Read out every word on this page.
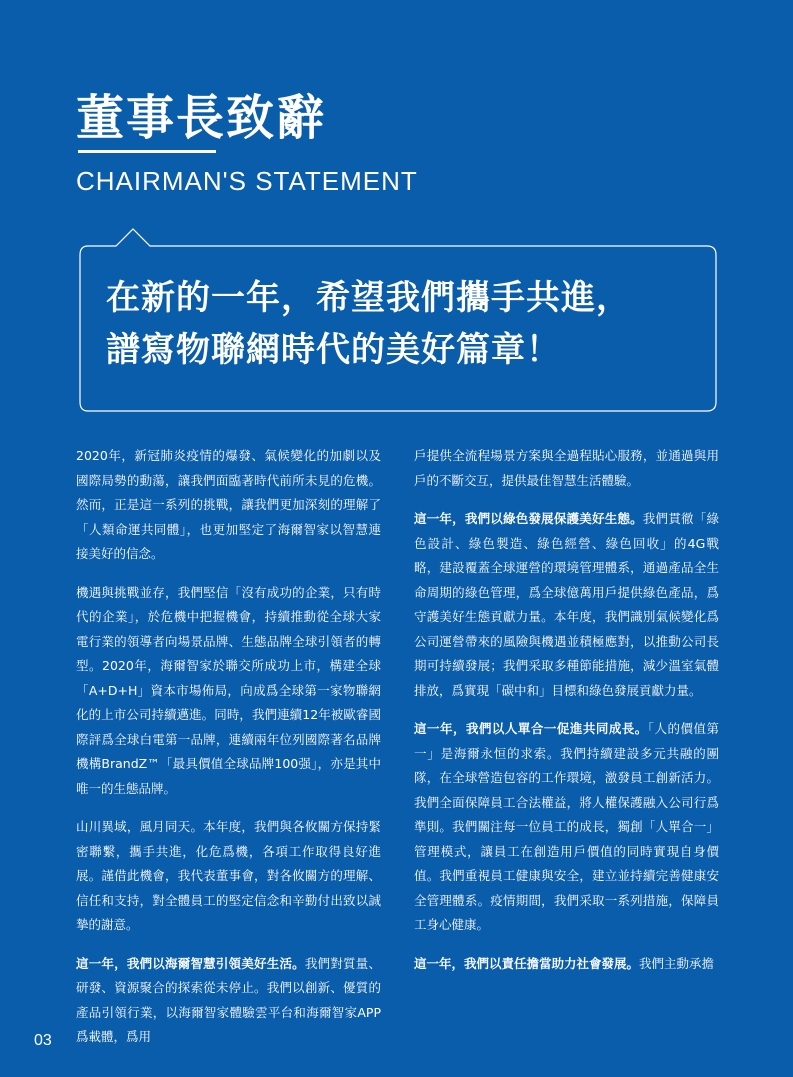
董事長致辭
CHAIRMAN'S STATEMENT
在新的一年，希望我們攜手共進，
譜寫物聯網時代的美好篇章！

2020年，新冠肺炎疫情的爆發、氣候變化的加劇以及國際局勢的動蕩，讓我們面臨著時代前所未見的危機。然而，正是這一系列的挑戰，讓我們更加深刻的理解了「人類命運共同體」，也更加堅定了海爾智家以智慧連接美好的信念。

機遇與挑戰並存，我們堅信「沒有成功的企業，只有時代的企業」，於危機中把握機會，持續推動從全球大家電行業的領導者向場景品牌、生態品牌全球引領者的轉型。2020年，海爾智家於聯交所成功上市，構建全球「A+D+H」資本市場佈局，向成爲全球第一家物聯網化的上市公司持續邁進。同時，我們連續12年被歐睿國際評爲全球白電第一品牌，連續兩年位列國際著名品牌機構BrandZ™「最具價值全球品牌100强」，亦是其中唯一的生態品牌。

山川異域，風月同天。本年度，我們與各攸關方保持緊密聯繫，攜手共進，化危爲機，各項工作取得良好進展。謹借此機會，我代表董事會，對各攸關方的理解、信任和支持，對全體員工的堅定信念和辛勤付出致以誠摯的謝意。

這一年，我們以海爾智慧引領美好生活。我們對質量、研發、資源聚合的探索從未停止。我們以創新、優質的產品引領行業，以海爾智家體驗雲平台和海爾智家APP爲載體，爲用

戶提供全流程場景方案與全過程貼心服務，並通過與用戶的不斷交互，提供最佳智慧生活體驗。

這一年，我們以綠色發展保護美好生態。我們貫徹「綠色設計、綠色製造、綠色經營、綠色回收」的4G戰略，建設覆蓋全球運營的環境管理體系，通過產品全生命周期的綠色管理，爲全球億萬用戶提供綠色產品，爲守護美好生態貢獻力量。本年度，我們識別氣候變化爲公司運營帶來的風險與機遇並積極應對，以推動公司長期可持續發展；我們采取多種節能措施，減少溫室氣體排放，爲實現「碳中和」目標和綠色發展貢獻力量。

這一年，我們以人單合一促進共同成長。「人的價值第一」是海爾永恒的求索。我們持續建設多元共融的團隊，在全球營造包容的工作環境，激發員工創新活力。我們全面保障員工合法權益，將人權保護融入公司行爲準則。我們關注每一位員工的成長，獨創「人單合一」管理模式，讓員工在創造用戶價值的同時實現自身價值。我們重視員工健康與安全，建立並持續完善健康安全管理體系。疫情期間，我們采取一系列措施，保障員工身心健康。

這一年，我們以責任擔當助力社會發展。我們主動承擔

03
